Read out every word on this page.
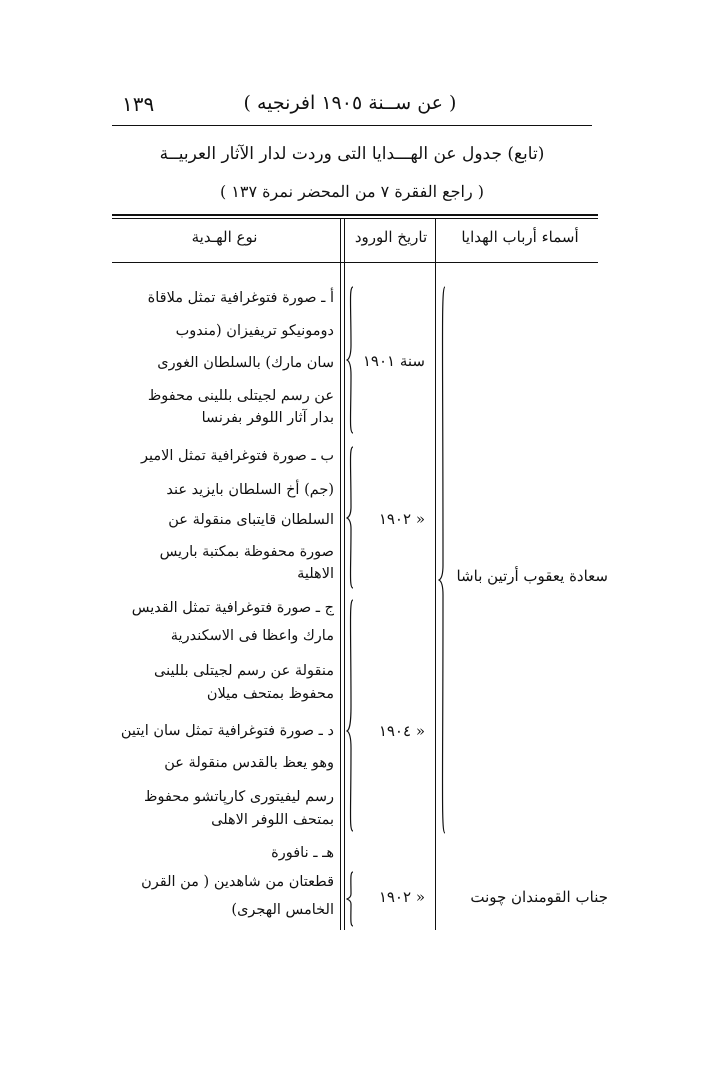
( عن ســنة ١٩٠٥ افرنجيه )
١٣٩
(تابع) جدول عن الهـــدايا التى وردت لدار الآثار العربيــة
( راجع الفقرة ٧ من المحضر نمرة ١٣٧ )
أسماء أرباب الهدايا
تاريخ الورود
نوع الهـدية
أ ـ صورة فتوغرافية تمثل ملاقاة
دومونيكو تريفيزان (مندوب
سان مارك) بالسلطان الغورى
عن رسم لجيتلى بللينى محفوظ
بدار آثار اللوفر بفرنسا
ب ـ صورة فتوغرافية تمثل الامير
(جم) أخ السلطان بايزيد عند
السلطان قايتباى منقولة عن
صورة محفوظة بمكتبة باريس
الاهلية
ج ـ صورة فتوغرافية تمثل القديس
مارك واعظا فى الاسكندرية
منقولة عن رسم لجيتلى بللينى
محفوظ بمتحف ميلان
د ـ صورة فتوغرافية تمثل سان ايتين
وهو يعظ بالقدس منقولة عن
رسم ليفيتورى كارپاتشو محفوظ
بمتحف اللوفر الاهلى
هـ ـ نافورة
قطعتان من شاهدين ( من القرن
الخامس الهجرى)
سنة ١٩٠١
« ١٩٠٢
« ١٩٠٤
« ١٩٠٢
سعادة يعقوب أرتين باشا
جناب القومندان چونت
